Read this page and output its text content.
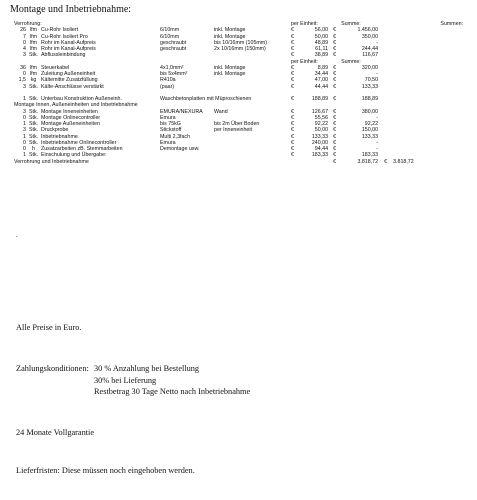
Montage und Inbetriebnahme:
Verrohrung:					per Einheit:			Summe:		Summen:
26	lfm	Cu-Rohr Isoliert	6/10mm	inkl. Montage	€	56,00	€	1.456,00		
7	lfm	Cu-Rohr Isoliert Pro	6/10mm	inkl. Montage	€	50,00	€	350,00		
0	lfm	Rohr im Kanal-Aufpreis	geschraubt	bis 10/16mm (105mm)	€	48,89	€	-		
4	lfm	Rohr im Kanal-Aufpreis	geschraubt	2x 10/16mm (150mm)	€	61,11	€	244,44		
3	Stk.	Abflussleinbindung			€	38,89	€	116,67		
					per Einheit:			Summe:		
36	lfm	Steuerkabel	4x1,0mm²	inkl. Montage	€	8,89	€	320,00		
0	lfm	Zuleitung Außeneinheit	bis 5x4mm²	inkl. Montage	€	34,44	€	-		
1,5	kg	Kältemitte Zusatzfüllung	R410a		€	47,00	€	70,50		
3	Stk.	Kälte-Anschlüsse verstärkt	(paar)		€	44,44	€	133,33		

1	Stk.	Unterbau Konstruktion Außeneinh.	Waschbetonplatten mit Müproschienen		€	188,89	€	188,89		
Montage Innen, Außeneinheiten und Inbetriebnahme										
3	Stk.	Montage Inneneinheiten	EMURA/NEXURA	Wand	€	126,67	€	380,00		
0	Stk.	Montage Onlinecontroller	Emura		€	55,56	€	-		
1	Stk.	Montage Außeneinheiten	bis 75kG	bis 2m Über Boden	€	92,22	€	92,22		
3	Stk.	Druckprobe	Stickstoff	per Inneneinheit	€	50,00	€	150,00		
1	Stk.	Inbetriebnahme	Multi 2,3fach		€	133,33	€	133,33		
0	Stk.	Inbetriebnahme Onlinecontroller	Emura		€	240,00	€	-		
0	h	Zusatzarbeiten zB. Stemmarbeiten	Demontage usw.		€	94,44	€	-		
1	Stk.	Einschulung und Übergabe:			€	183,33	€	183,33		
Verrohrung und Inbetriebnahme							€	3.818,72	€	3.818,72
.
Alle Preise in Euro.
Zahlungskonditionen: 30 % Anzahlung bei Bestellung
30% bei Lieferung
Restbetrag 30 Tage Netto nach Inbetriebnahme
24 Monate Vollgarantie
Lieferfristen: Diese müssen noch eingehoben werden.
